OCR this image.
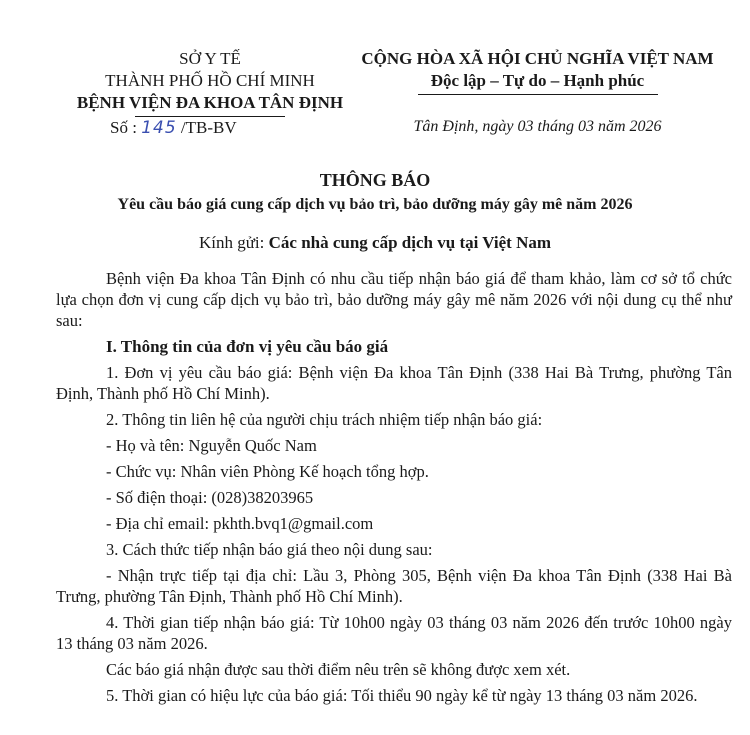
SỞ Y TẾ
THÀNH PHỐ HỒ CHÍ MINH
BỆNH VIỆN ĐA KHOA TÂN ĐỊNH
Số : 145 /TB-BV
CỘNG HÒA XÃ HỘI CHỦ NGHĨA VIỆT NAM
Độc lập – Tự do – Hạnh phúc
Tân Định, ngày 03 tháng 03 năm 2026
THÔNG BÁO
Yêu cầu báo giá cung cấp dịch vụ bảo trì, bảo dưỡng máy gây mê năm 2026
Kính gửi: Các nhà cung cấp dịch vụ tại Việt Nam

Bệnh viện Đa khoa Tân Định có nhu cầu tiếp nhận báo giá để tham khảo, làm cơ sở tổ chức lựa chọn đơn vị cung cấp dịch vụ bảo trì, bảo dưỡng máy gây mê năm 2026 với nội dung cụ thể như sau:

I. Thông tin của đơn vị yêu cầu báo giá

1. Đơn vị yêu cầu báo giá: Bệnh viện Đa khoa Tân Định (338 Hai Bà Trưng, phường Tân Định, Thành phố Hồ Chí Minh).

2. Thông tin liên hệ của người chịu trách nhiệm tiếp nhận báo giá:

- Họ và tên: Nguyễn Quốc Nam

- Chức vụ: Nhân viên Phòng Kế hoạch tổng hợp.

- Số điện thoại: (028)38203965

- Địa chỉ email: pkhth.bvq1@gmail.com

3. Cách thức tiếp nhận báo giá theo nội dung sau:

- Nhận trực tiếp tại địa chỉ: Lầu 3, Phòng 305, Bệnh viện Đa khoa Tân Định (338 Hai Bà Trưng, phường Tân Định, Thành phố Hồ Chí Minh).

4. Thời gian tiếp nhận báo giá: Từ 10h00 ngày 03 tháng 03 năm 2026 đến trước 10h00 ngày 13 tháng 03 năm 2026.

Các báo giá nhận được sau thời điểm nêu trên sẽ không được xem xét.

5. Thời gian có hiệu lực của báo giá: Tối thiểu 90 ngày kể từ ngày 13 tháng 03 năm 2026.
